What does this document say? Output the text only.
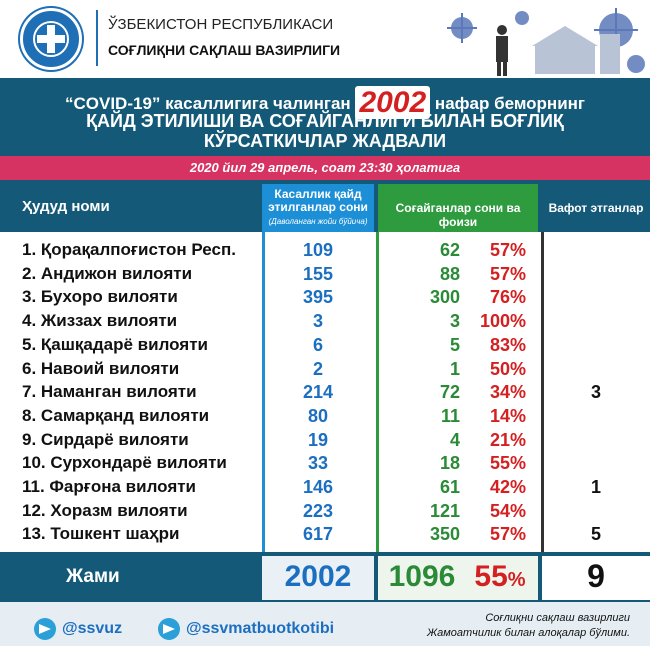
ЎЗБЕКИСТОН РЕСПУБЛИКАСИ
СОҒЛИҚНИ САҚЛАШ ВАЗИРЛИГИ
“COVID-19” касаллигига чалинган 2002 нафар беморнинг
ҚАЙД ЭТИЛИШИ ВА СОҒАЙГАНЛИГИ БИЛАН БОҒЛИҚ
КЎРСАТКИЧЛАР ЖАДВАЛИ
2020 йил 29 апрель, соат 23:30 ҳолатига
Ҳудуд номи
Касаллик қайд этилганлар сони
(Даволанган жойи бўйича)
Соғайганлар сони ва фоизи
Вафот этганлар
1. Қорақалпоғистон Респ.	109	62	57%
2. Андижон вилояти	155	88	57%
3. Бухоро вилояти	395	300	76%
4. Жиззах вилояти	3	3	100%
5. Қашқадарё вилояти	6	5	83%
6. Навоий вилояти	2	1	50%
7. Наманган вилояти	214	72	34%	3
8. Самарқанд вилояти	80	11	14%
9. Сирдарё вилояти	19	4	21%
10. Сурхондарё вилояти	33	18	55%
11. Фарғона вилояти	146	61	42%	1
12. Хоразм вилояти	223	121	54%
13. Тошкент шаҳри	617	350	57%	5
Жами	2002	1096 55%	9
@ssvuz	@ssvmatbuotkotibi
Соғлиқни сақлаш вазирлиги
Жамоатчилик билан алоқалар бўлими.
